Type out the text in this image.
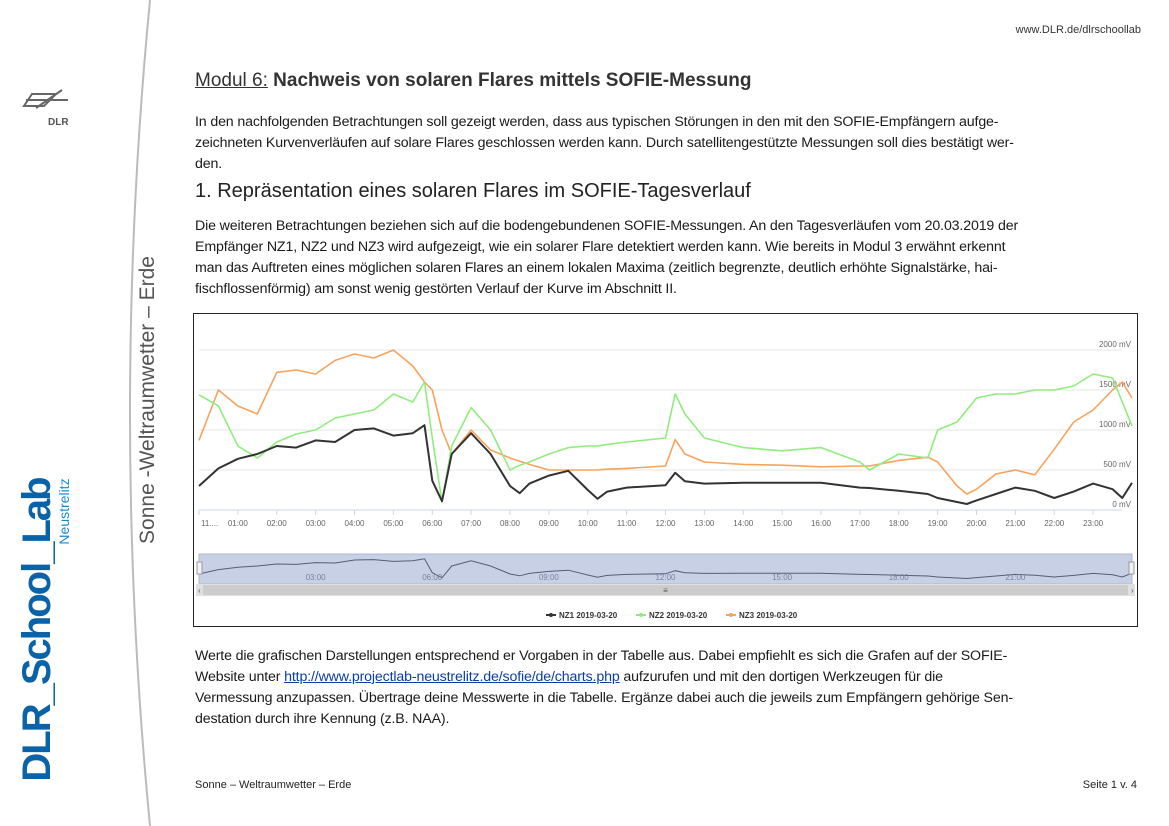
DLR
Sonne -Weltraumwetter – Erde
DLR_School_Lab
Neustrelitz
www.DLR.de/dlrschoollab
Modul 6: Nachweis von solaren Flares mittels SOFIE-Messung
In den nachfolgenden Betrachtungen soll gezeigt werden, dass aus typischen Störungen in den mit den SOFIE-Empfängern aufge-
zeichneten Kurvenverläufen auf solare Flares geschlossen werden kann. Durch satellitengestützte Messungen soll dies bestätigt wer-
den.
1. Repräsentation eines solaren Flares im SOFIE-Tagesverlauf
Die weiteren Betrachtungen beziehen sich auf die bodengebundenen SOFIE-Messungen. An den Tagesverläufen vom 20.03.2019 der
Empfänger NZ1, NZ2 und NZ3 wird aufgezeigt, wie ein solarer Flare detektiert werden kann. Wie bereits in Modul 3 erwähnt erkennt
man das Auftreten eines möglichen solaren Flares an einem lokalen Maxima (zeitlich begrenzte, deutlich erhöhte Signalstärke, hai-
fischflossenförmig) am sonst wenig gestörten Verlauf der Kurve im Abschnitt II.
0 mV
500 mV
1000 mV
1500 mV
2000 mV
11.... 01:00 02:00 03:00 04:00 05:00 06:00 07:00 08:00 09:00 10:00 11:00 12:00 13:00 14:00 15:00 16:00 17:00 18:00 19:00 20:00 21:00 22:00 23:00
03:00	06:00	09:00	12:00	15:00	18:00	21:00
≡
‹	›
NZ1 2019-03-20	NZ2 2019-03-20	NZ3 2019-03-20
Werte die grafischen Darstellungen entsprechend er Vorgaben in der Tabelle aus. Dabei empfiehlt es sich die Grafen auf der SOFIE-
Website unter http://www.projectlab-neustrelitz.de/sofie/de/charts.php aufzurufen und mit den dortigen Werkzeugen für die
Vermessung anzupassen. Übertrage deine Messwerte in die Tabelle. Ergänze dabei auch die jeweils zum Empfängern gehörige Sen-
destation durch ihre Kennung (z.B. NAA).
Sonne – Weltraumwetter – Erde	Seite 1 v. 4
